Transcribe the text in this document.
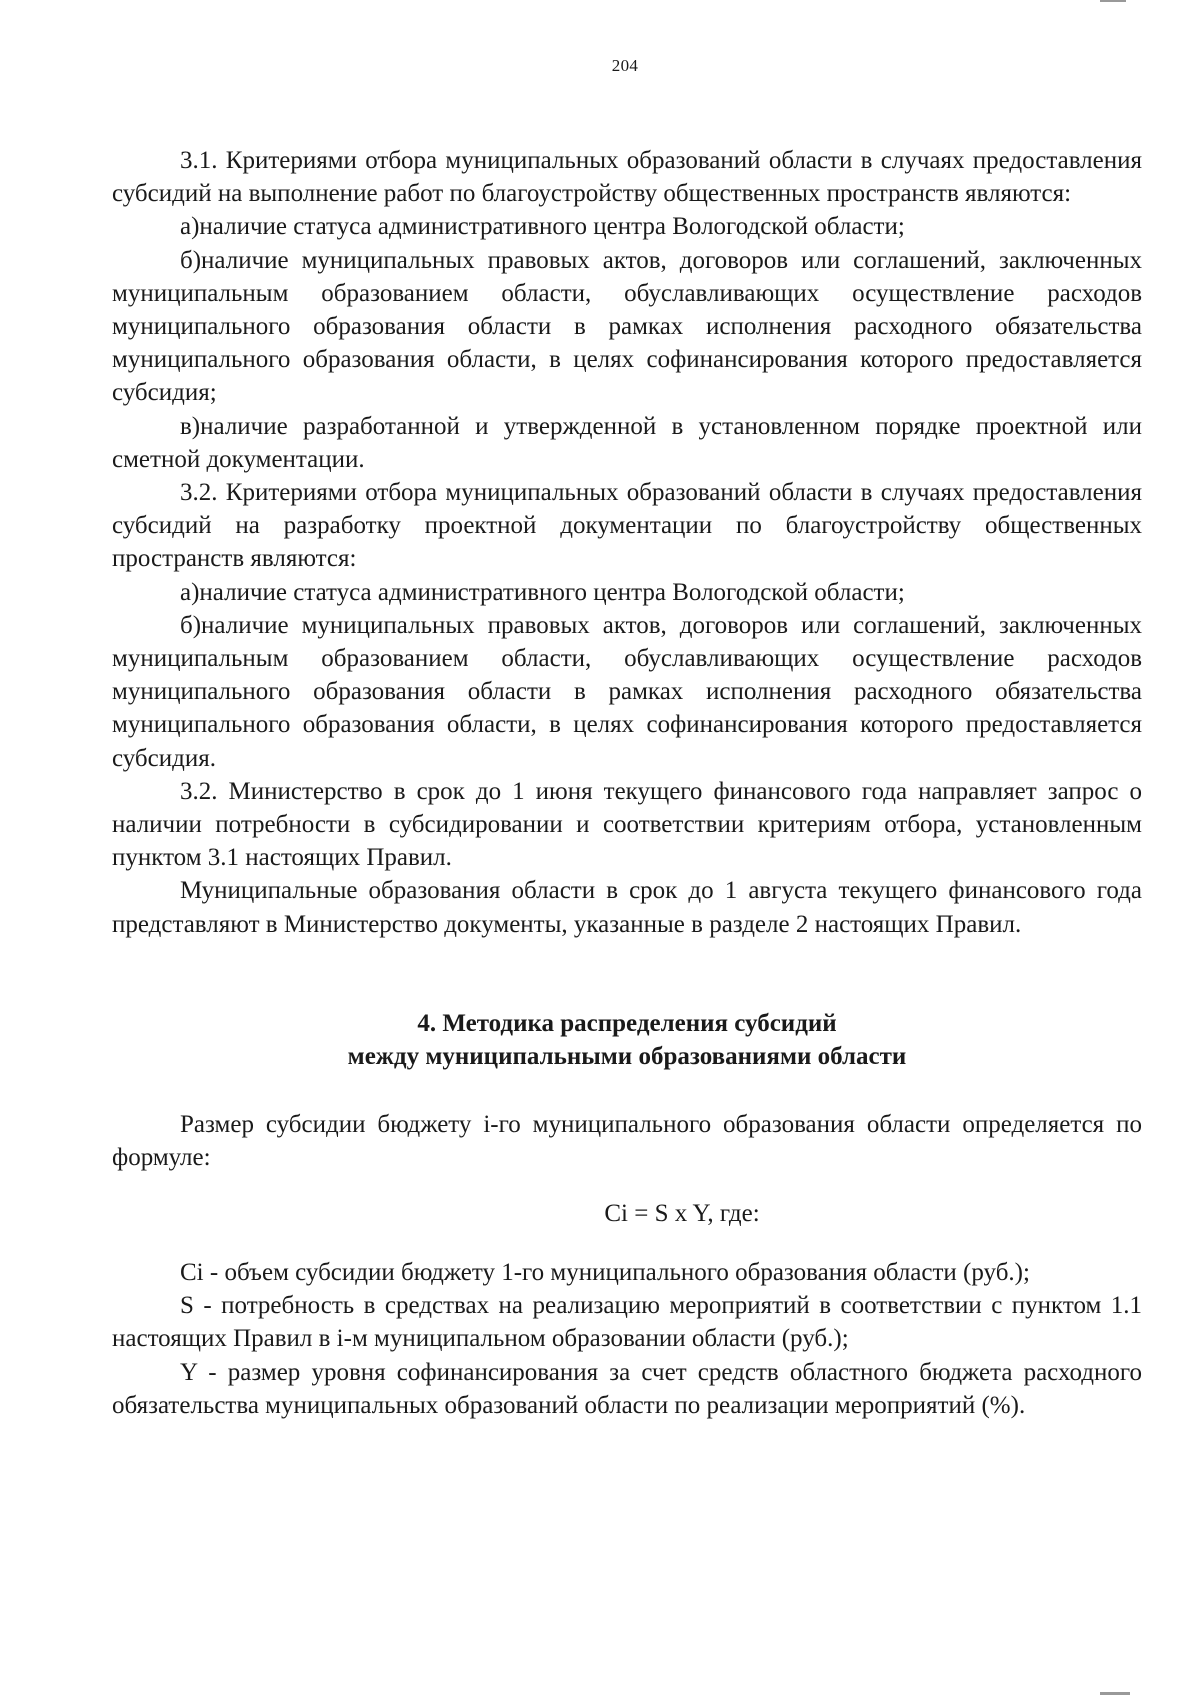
204

3.1. Критериями отбора муниципальных образований области в случаях предоставления субсидий на выполнение работ по благоустройству общественных пространств являются:

а)наличие статуса административного центра Вологодской области;

б)наличие муниципальных правовых актов, договоров или соглашений, заключенных муниципальным образованием области, обуславливающих осуществление расходов муниципального образования области в рамках исполнения расходного обязательства муниципального образования области, в целях софинансирования которого предоставляется субсидия;

в)наличие разработанной и утвержденной в установленном порядке проектной или сметной документации.

3.2. Критериями отбора муниципальных образований области в случаях предоставления субсидий на разработку проектной документации по благоустройству общественных пространств являются:

а)наличие статуса административного центра Вологодской области;

б)наличие муниципальных правовых актов, договоров или соглашений, заключенных муниципальным образованием области, обуславливающих осуществление расходов муниципального образования области в рамках исполнения расходного обязательства муниципального образования области, в целях софинансирования которого предоставляется субсидия.

3.2. Министерство в срок до 1 июня текущего финансового года направляет запрос о наличии потребности в субсидировании и соответствии критериям отбора, установленным пунктом 3.1 настоящих Правил.

Муниципальные образования области в срок до 1 августа текущего финансового года представляют в Министерство документы, указанные в разделе 2 настоящих Правил.

4. Методика распределения субсидий

между муниципальными образованиями области

Размер субсидии бюджету i-го муниципального образования области определяется по формуле:

Ci = S x Y, где:

Ci - объем субсидии бюджету 1-го муниципального образования области (руб.);

S - потребность в средствах на реализацию мероприятий в соответствии с пунктом 1.1 настоящих Правил в i-м муниципальном образовании области (руб.);

Y - размер уровня софинансирования за счет средств областного бюджета расходного обязательства муниципальных образований области по реализации мероприятий (%).
